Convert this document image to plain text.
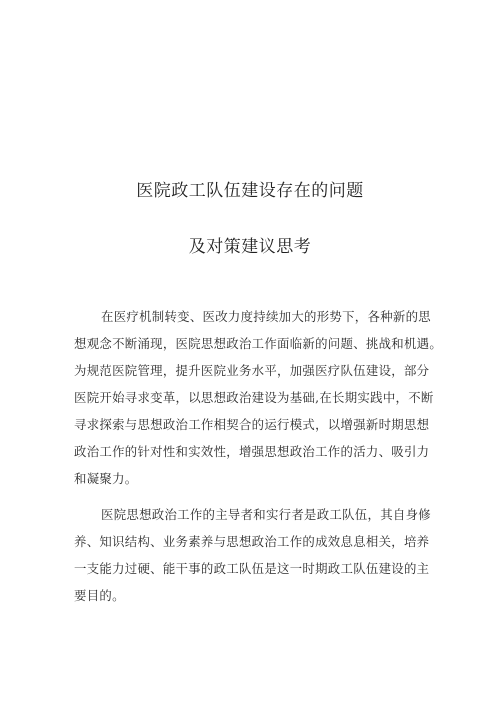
医院政工队伍建设存在的问题
及对策建议思考
在医疗机制转变、医改力度持续加大的形势下，各种新的思
想观念不断涌现，医院思想政治工作面临新的问题、挑战和机遇。
为规范医院管理，提升医院业务水平，加强医疗队伍建设，部分
医院开始寻求变革，以思想政治建设为基础,在长期实践中，不断
寻求探索与思想政治工作相契合的运行模式，以增强新时期思想
政治工作的针对性和实效性，增强思想政治工作的活力、吸引力
和凝聚力。
医院思想政治工作的主导者和实行者是政工队伍，其自身修
养、知识结构、业务素养与思想政治工作的成效息息相关，培养
一支能力过硬、能干事的政工队伍是这一时期政工队伍建设的主
要目的。
